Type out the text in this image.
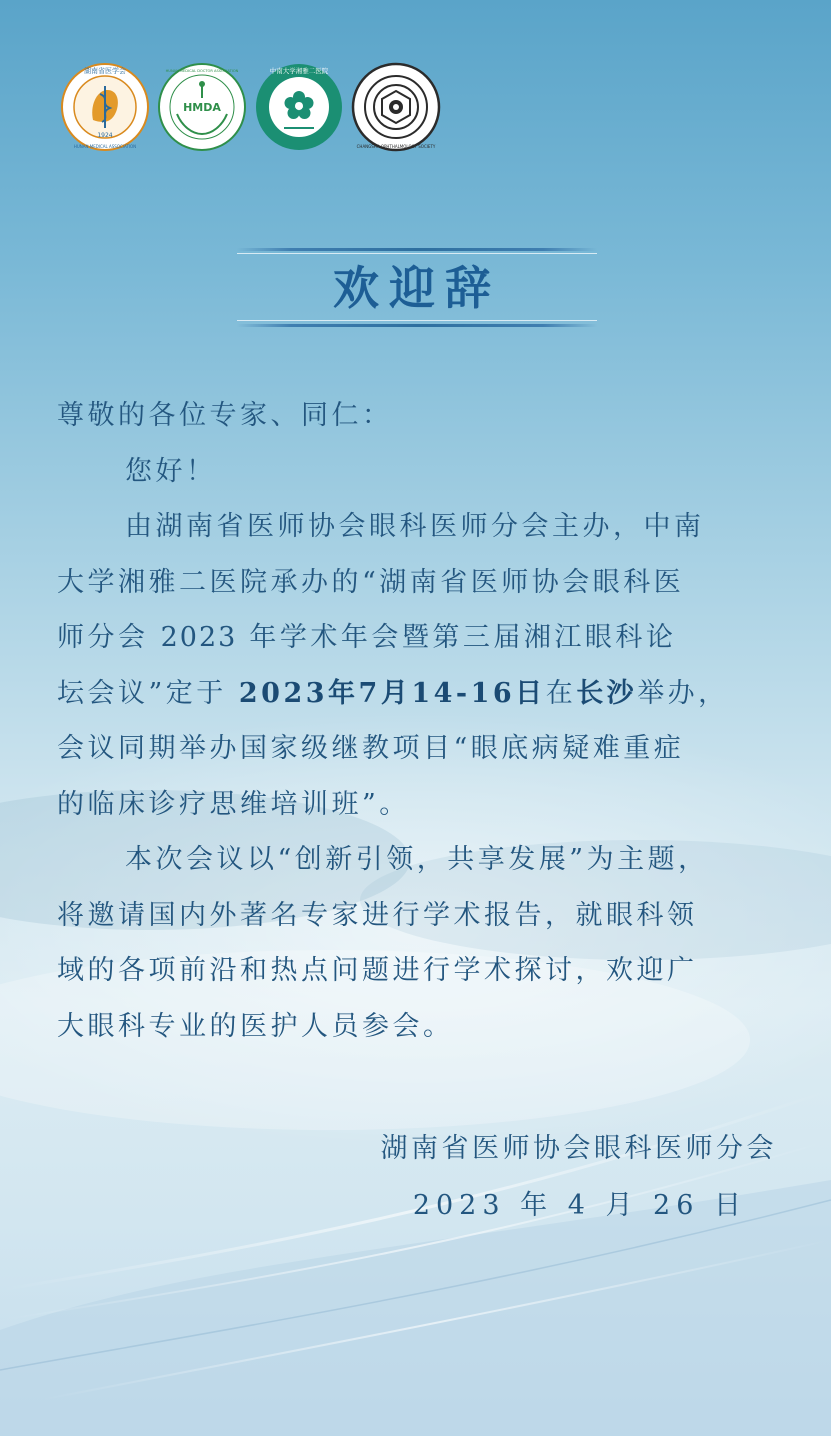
1924
湖南省医学会
HUNAN MEDICAL ASSOCIATION
HMDA
HUNAN MEDICAL DOCTOR ASSOCIATION	中南大学湘雅二医院
CHANGSHA OPHTHALMOLOGY SOCIETY
欢迎辞

尊敬的各位专家、同仁：

您好！

由湖南省医师协会眼科医师分会主办，中南

大学湘雅二医院承办的“湖南省医师协会眼科医

师分会 2023 年学术年会暨第三届湘江眼科论

坛会议”定于 2023年7月14-16日在长沙举办，

会议同期举办国家级继教项目“眼底病疑难重症

的临床诊疗思维培训班”。

本次会议以“创新引领，共享发展”为主题，

将邀请国内外著名专家进行学术报告，就眼科领

域的各项前沿和热点问题进行学术探讨，欢迎广

大眼科专业的医护人员参会。

湖南省医师协会眼科医师分会

2023 年 4 月 26 日
